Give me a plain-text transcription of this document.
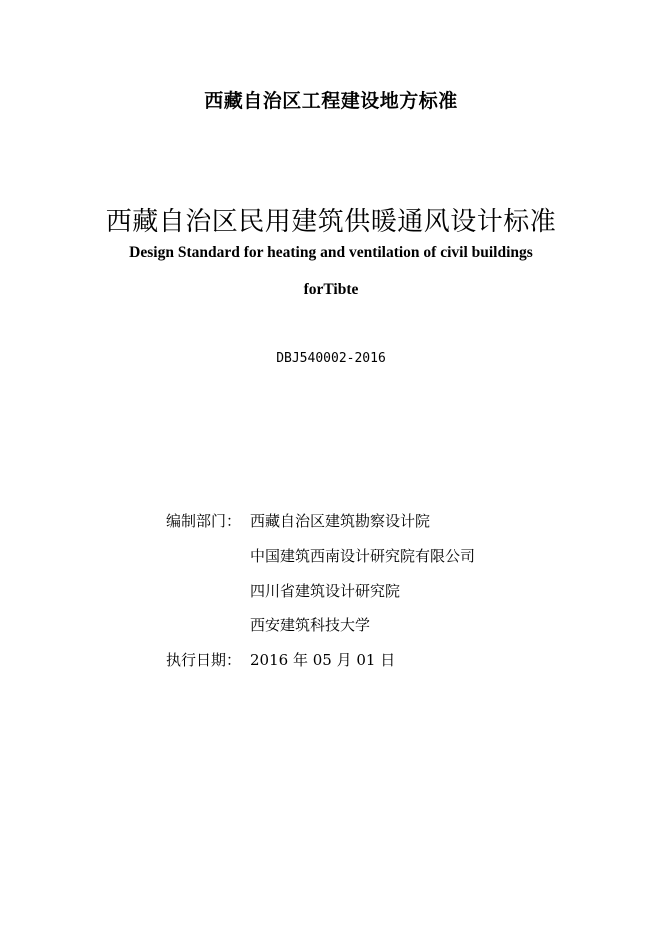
西藏自治区工程建设地方标准
西藏自治区民用建筑供暖通风设计标准
Design Standard for heating and ventilation of civil buildings
forTibte
DBJ540002-2016
编制部门： 西藏自治区建筑勘察设计院
中国建筑西南设计研究院有限公司
四川省建筑设计研究院
西安建筑科技大学
执行日期： 2016 年 05 月 01 日
